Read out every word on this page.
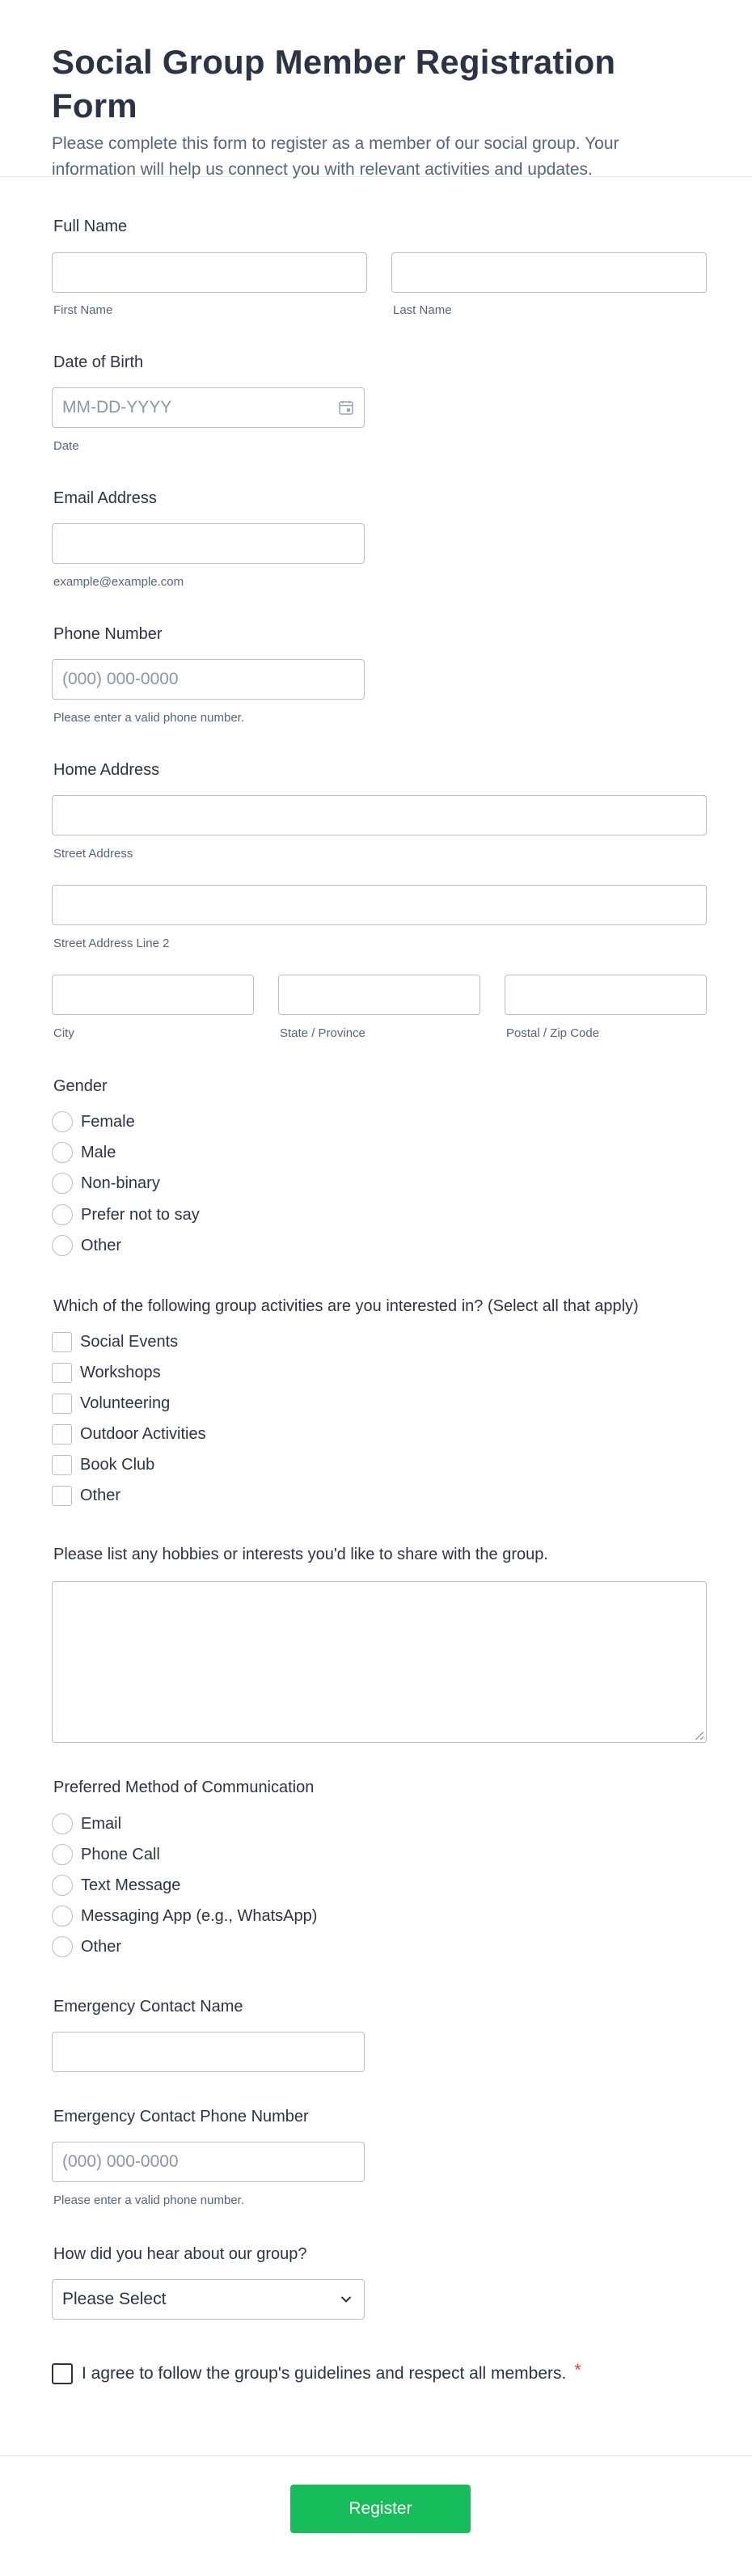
Social Group Member Registration Form
Please complete this form to register as a member of our social group. Your information will help us connect you with relevant activities and updates.
Full Name
First Name	Last Name
Date of Birth
MM-DD-YYYY
Date
Email Address
example@example.com
Phone Number
(000) 000-0000
Please enter a valid phone number.
Home Address
Street Address
Street Address Line 2
City	State / Province	Postal / Zip Code
Gender
Female
Male
Non-binary
Prefer not to say
Other
Which of the following group activities are you interested in? (Select all that apply)
Social Events
Workshops
Volunteering
Outdoor Activities
Book Club
Other
Please list any hobbies or interests you'd like to share with the group.
Preferred Method of Communication
Email
Phone Call
Text Message
Messaging App (e.g., WhatsApp)
Other
Emergency Contact Name
Emergency Contact Phone Number
(000) 000-0000
Please enter a valid phone number.
How did you hear about our group?
Please Select
I agree to follow the group's guidelines and respect all members. *
Register
